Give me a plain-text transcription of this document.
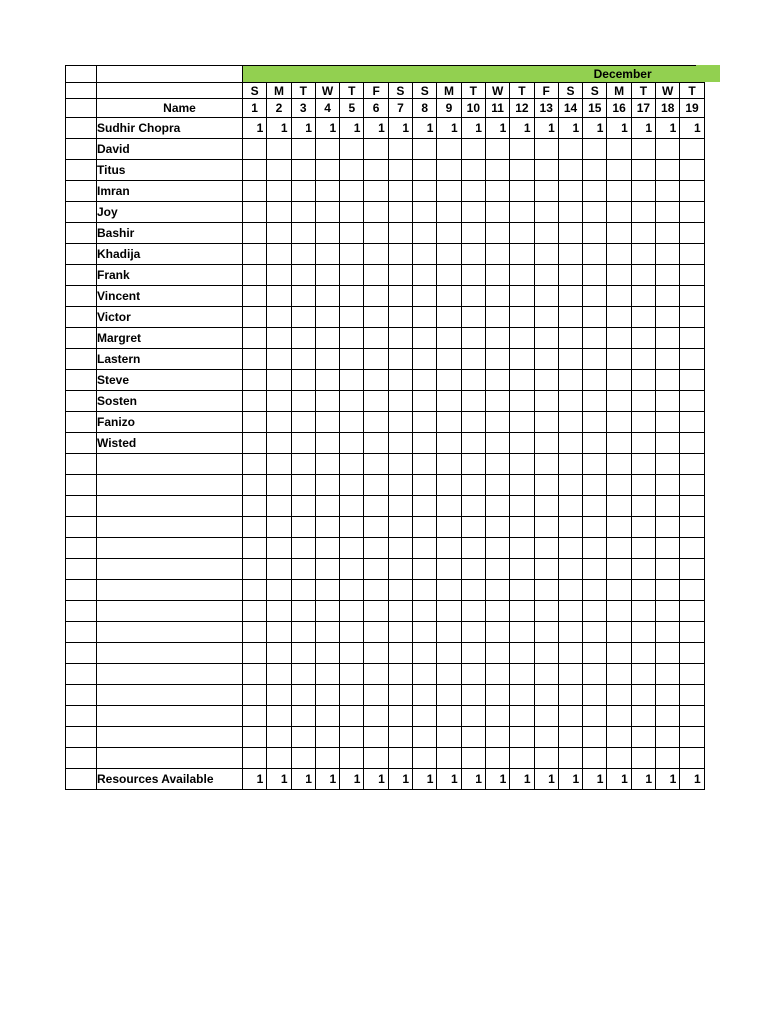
		December																		
		S	M	T	W	T	F	S	S	M	T	W	T	F	S	S	M	T	W	T
	Name	1	2	3	4	5	6	7	8	9	10	11	12	13	14	15	16	17	18	19
	Sudhir Chopra	1	1	1	1	1	1	1	1	1	1	1	1	1	1	1	1	1	1	1
	David																			
	Titus																			
	Imran																			
	Joy																			
	Bashir																			
	Khadija																			
	Frank																			
	Vincent																			
	Victor																			
	Margret																			
	Lastern																			
	Steve																			
	Sosten																			
	Fanizo																			
	Wisted																			

	Resources Available	1	1	1	1	1	1	1	1	1	1	1	1	1	1	1	1	1	1	1
